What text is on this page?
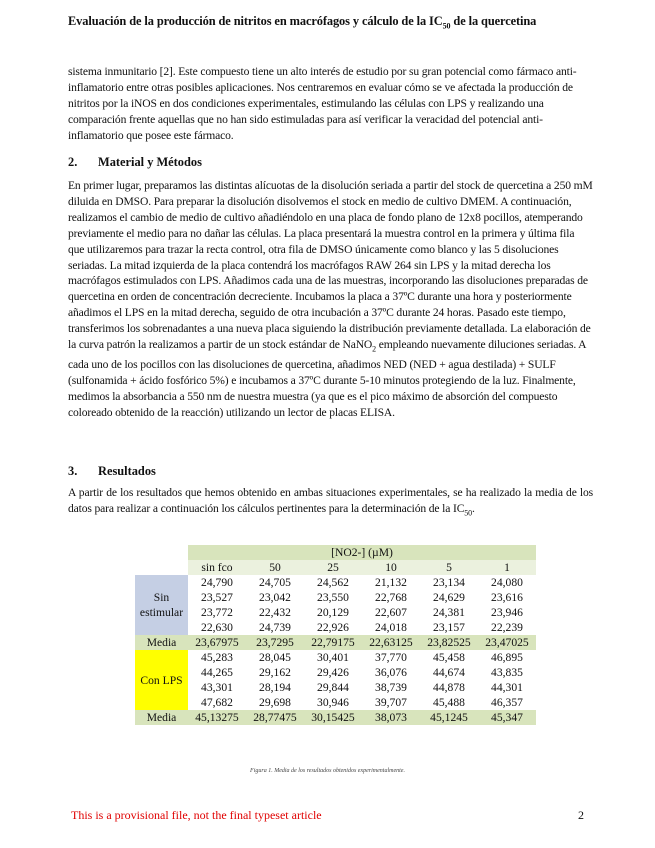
Evaluación de la producción de nitritos en macrófagos y cálculo de la $IC_{50}$ de la quercetina

sistema inmunitario [2]. Este compuesto tiene un alto interés de estudio por su gran potencial como fármaco anti-inflamatorio entre otras posibles aplicaciones. Nos centraremos en evaluar cómo se ve afectada la producción de nitritos por la iNOS en dos condiciones experimentales, estimulando las células con LPS y realizando una comparación frente aquellas que no han sido estimuladas para así verificar la veracidad del potencial anti-inflamatorio que posee este fármaco.

2. Material y Métodos

En primer lugar, preparamos las distintas alícuotas de la disolución seriada a partir del stock de quercetina a 250 mM diluida en DMSO. Para preparar la disolución disolvemos el stock en medio de cultivo DMEM. A continuación, realizamos el cambio de medio de cultivo añadiéndolo en una placa de fondo plano de 12x8 pocillos, atemperando previamente el medio para no dañar las células. La placa presentará la muestra control en la primera y última fila que utilizaremos para trazar la recta control, otra fila de DMSO únicamente como blanco y las 5 disoluciones seriadas. La mitad izquierda de la placa contendrá los macrófagos RAW 264 sin LPS y la mitad derecha los macrófagos estimulados con LPS. Añadimos cada una de las muestras, incorporando las disoluciones preparadas de quercetina en orden de concentración decreciente. Incubamos la placa a 37ºC durante una hora y posteriormente añadimos el LPS en la mitad derecha, seguido de otra incubación a 37ºC durante 24 horas. Pasado este tiempo, transferimos los sobrenadantes a una nueva placa siguiendo la distribución previamente detallada. La elaboración de la curva patrón la realizamos a partir de un stock estándar de NaNO$_2$ empleando nuevamente diluciones seriadas. A cada uno de los pocillos con las disoluciones de quercetina, añadimos NED (NED + agua destilada) + SULF (sulfonamida + ácido fosfórico 5%) e incubamos a 37ºC durante 5-10 minutos protegiendo de la luz. Finalmente, medimos la absorbancia a 550 nm de nuestra muestra (ya que es el pico máximo de absorción del compuesto coloreado obtenido de la reacción) utilizando un lector de placas ELISA.

3. Resultados

A partir de los resultados que hemos obtenido en ambas situaciones experimentales, se ha realizado la media de los datos para realizar a continuación los cálculos pertinentes para la determinación de la $IC_{50}$.

	[NO2-] (µM)					
	sin fco	50	25	10	5	1
Sin
estimular	24,790	24,705	24,562	21,132	23,134	24,080
	23,527	23,042	23,550	22,768	24,629	23,616
	23,772	22,432	20,129	22,607	24,381	23,946
	22,630	24,739	22,926	24,018	23,157	22,239
Media	23,67975	23,7295	22,79175	22,63125	23,82525	23,47025
Con LPS	45,283	28,045	30,401	37,770	45,458	46,895
	44,265	29,162	29,426	36,076	44,674	43,835
	43,301	28,194	29,844	38,739	44,878	44,301
	47,682	29,698	30,946	39,707	45,488	46,357
Media	45,13275	28,77475	30,15425	38,073	45,1245	45,347
Figura 1. Media de los resultados obtenidos experimentalmente.
This is a provisional file, not the final typeset article	2
